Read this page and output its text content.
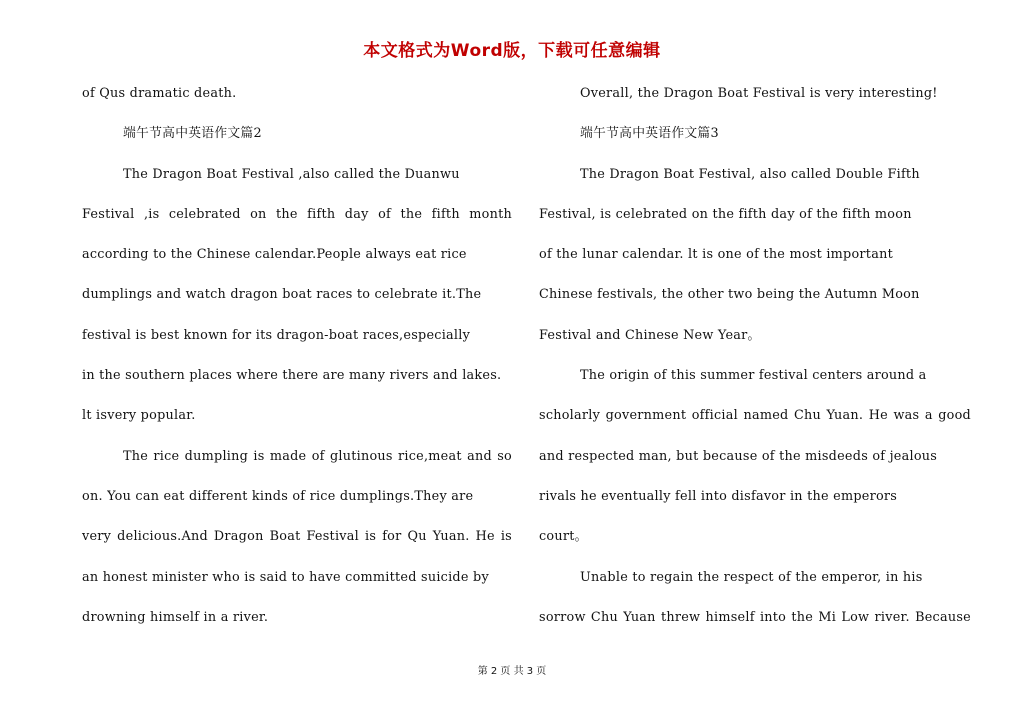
本文格式为Word版，下载可任意编辑
of Qus dramatic death.
端午节高中英语作文篇2
The Dragon Boat Festival ,also called the Duanwu
Festival ,is celebrated on the fifth day of the fifth month
according to the Chinese calendar.People always eat rice
dumplings and watch dragon boat races to celebrate it.The
festival is best known for its dragon-boat races,especially
in the southern places where there are many rivers and lakes.
lt isvery popular.
The rice dumpling is made of glutinous rice,meat and so
on. You can eat different kinds of rice dumplings.They are
very delicious.And Dragon Boat Festival is for Qu Yuan. He is
an honest minister who is said to have committed suicide by
drowning himself in a river.
Overall, the Dragon Boat Festival is very interesting!
端午节高中英语作文篇3
The Dragon Boat Festival, also called Double Fifth
Festival, is celebrated on the fifth day of the fifth moon
of the lunar calendar. lt is one of the most important
Chinese festivals, the other two being the Autumn Moon
Festival and Chinese New Year。
The origin of this summer festival centers around a
scholarly government official named Chu Yuan. He was a good
and respected man, but because of the misdeeds of jealous
rivals he eventually fell into disfavor in the emperors
court。
Unable to regain the respect of the emperor, in his
sorrow Chu Yuan threw himself into the Mi Low river. Because
第 2 页 共 3 页
